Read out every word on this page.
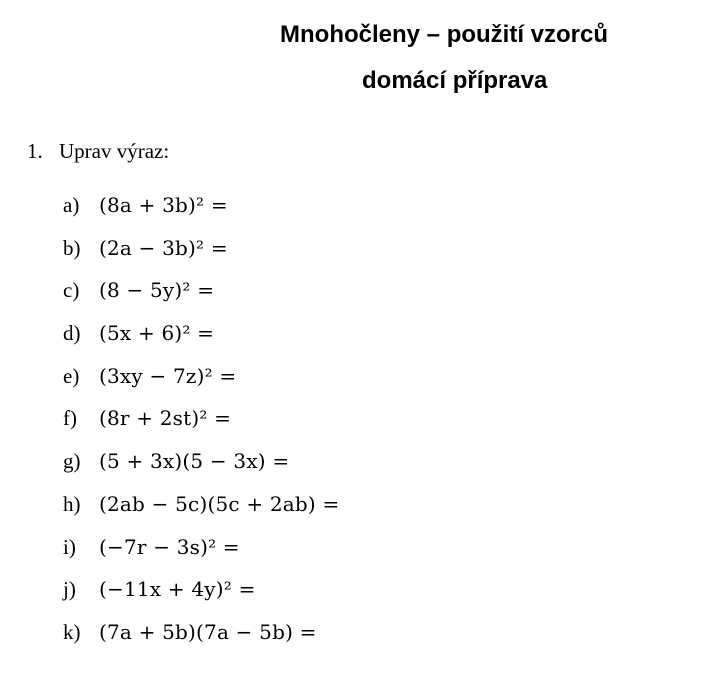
Mnohočleny – použití vzorců
domácí příprava
1. Uprav výraz:
a) (8a + 3b)² =
b) (2a − 3b)² =
c) (8 − 5y)² =
d) (5x + 6)² =
e) (3xy − 7z)² =
f)	(8r + 2st)² =
g) (5 + 3x)(5 − 3x) =
h) (2ab − 5c)(5c + 2ab) =
i)	(−7r − 3s)² =
j)	(−11x + 4y)² =
k) (7a + 5b)(7a − 5b) =
